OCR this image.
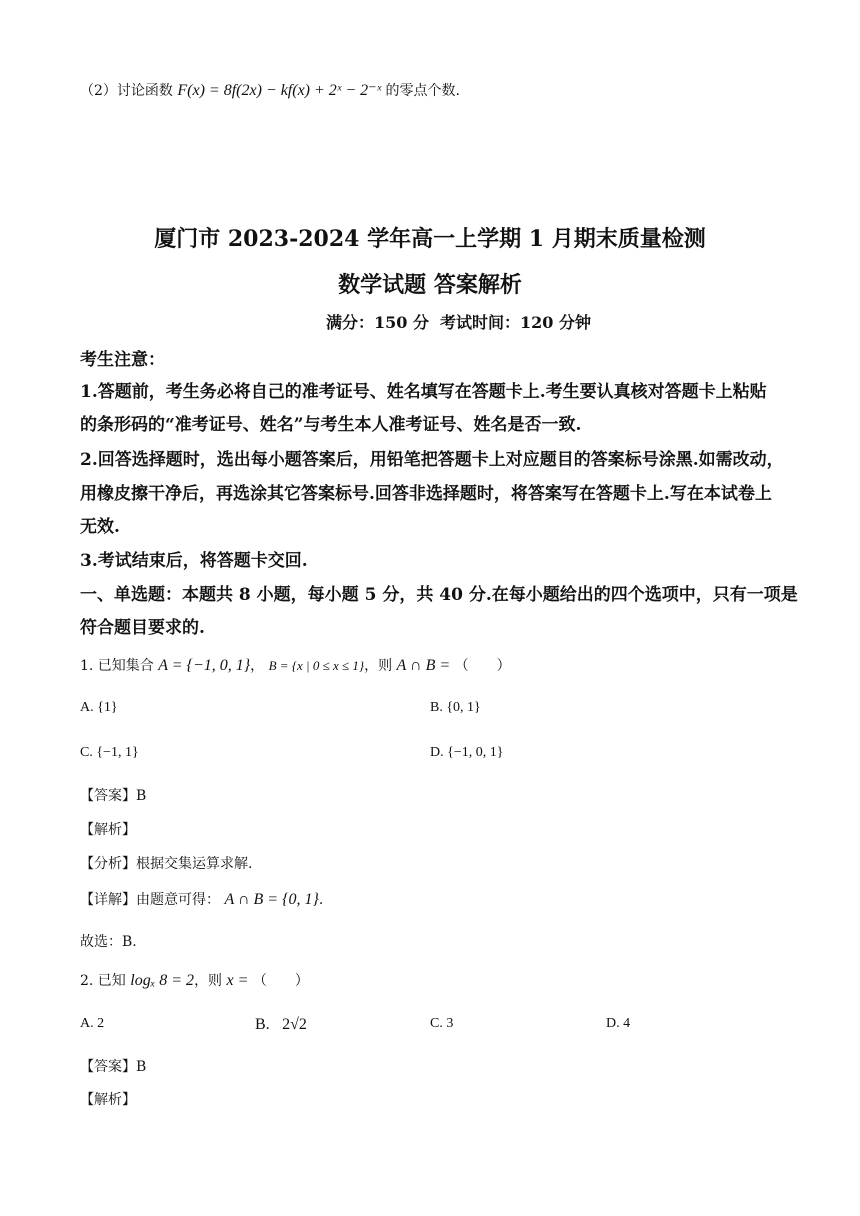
（2）讨论函数 F(x) = 8f(2x) − kf(x) + 2ˣ − 2⁻ˣ 的零点个数.
厦门市 2023-2024 学年高一上学期 1 月期末质量检测
数学试题 答案解析
满分：150 分 考试时间：120 分钟
考生注意：
1.答题前，考生务必将自己的准考证号、姓名填写在答题卡上.考生要认真核对答题卡上粘贴
的条形码的“准考证号、姓名”与考生本人准考证号、姓名是否一致.
2.回答选择题时，选出每小题答案后，用铅笔把答题卡上对应题目的答案标号涂黑.如需改动，
用橡皮擦干净后，再选涂其它答案标号.回答非选择题时，将答案写在答题卡上.写在本试卷上
无效.
3.考试结束后，将答题卡交回.
一、单选题：本题共 8 小题，每小题 5 分，共 40 分.在每小题给出的四个选项中，只有一项是
符合题目要求的.
1. 已知集合 A = {−1, 0, 1}， B = {x | 0 ≤ x ≤ 1}，则 A ∩ B = （　　）
A. {1}	B. {0, 1}
C. {−1, 1}	D. {−1, 0, 1}
【答案】B
【解析】
【分析】根据交集运算求解.
【详解】由题意可得： A ∩ B = {0, 1}.
故选：B.
2. 已知 logₓ 8 = 2，则 x = （　　）
A. 2	B. 2√2	C. 3	D. 4
【答案】B
【解析】
